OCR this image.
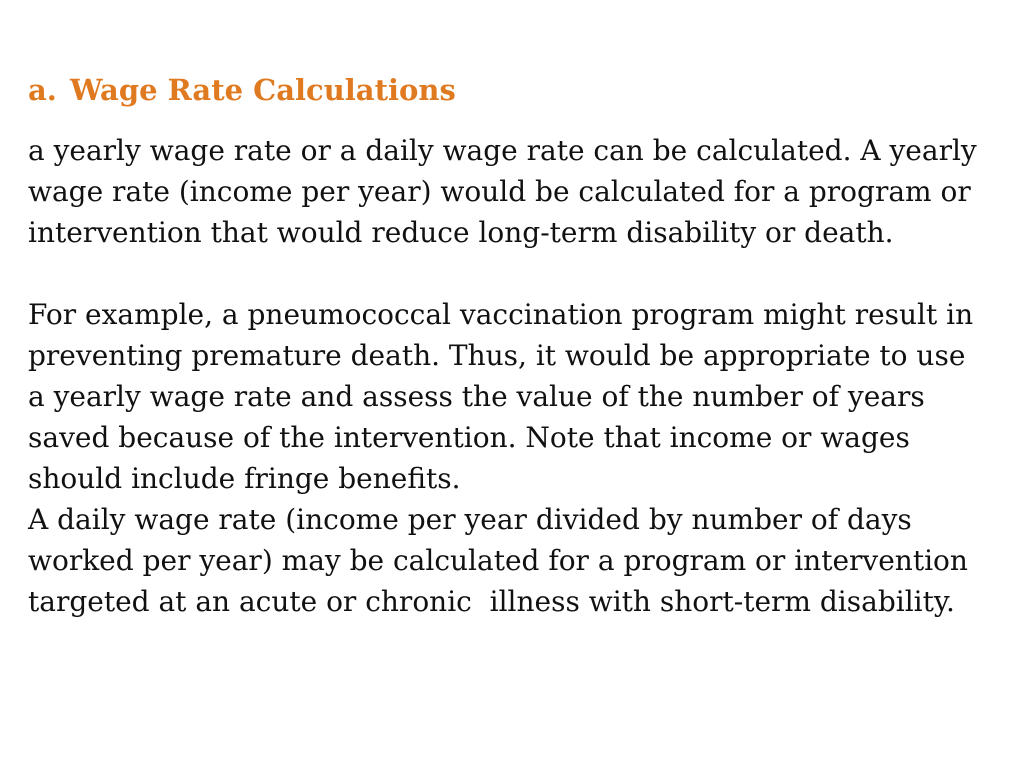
a. Wage Rate Calculations
a yearly wage rate or a daily wage rate can be calculated. A yearly
wage rate (income per year) would be calculated for a program or
intervention that would reduce long-term disability or death.
For example, a pneumococcal vaccination program might result in
preventing premature death. Thus, it would be appropriate to use
a yearly wage rate and assess the value of the number of years
saved because of the intervention. Note that income or wages
should include fringe benefits.
A daily wage rate (income per year divided by number of days
worked per year) may be calculated for a program or intervention
targeted at an acute or chronic  illness with short-term disability.
